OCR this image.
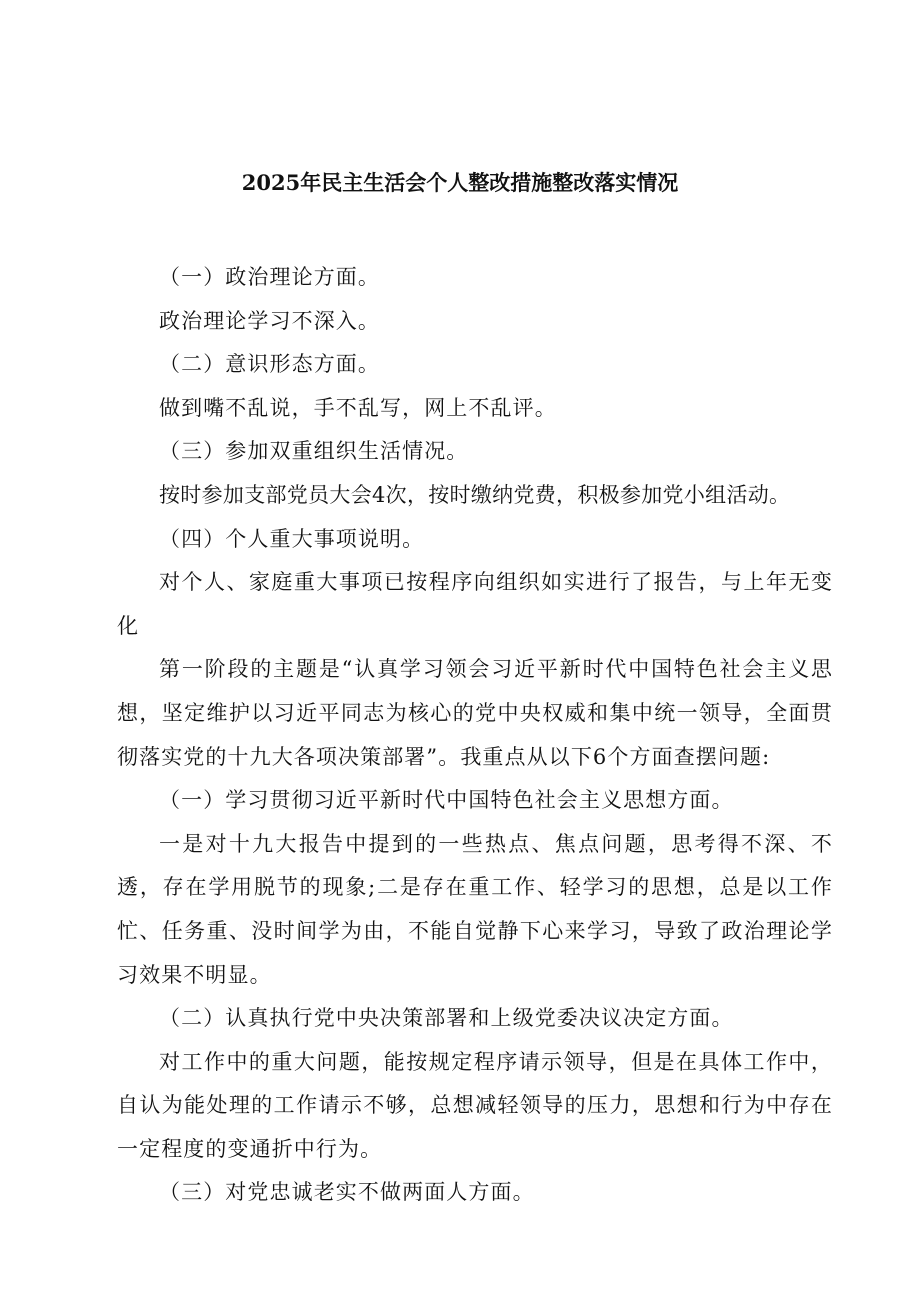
2025年民主生活会个人整改措施整改落实情况

（一）政治理论方面。

政治理论学习不深入。

（二）意识形态方面。

做到嘴不乱说，手不乱写，网上不乱评。

（三）参加双重组织生活情况。

按时参加支部党员大会4次，按时缴纳党费，积极参加党小组活动。

（四）个人重大事项说明。

对个人、家庭重大事项已按程序向组织如实进行了报告，与上年无变化

第一阶段的主题是“认真学习领会习近平新时代中国特色社会主义思想，坚定维护以习近平同志为核心的党中央权威和集中统一领导，全面贯彻落实党的十九大各项决策部署”。我重点从以下6个方面查摆问题:

（一）学习贯彻习近平新时代中国特色社会主义思想方面。

一是对十九大报告中提到的一些热点、焦点问题，思考得不深、不透，存在学用脱节的现象;二是存在重工作、轻学习的思想，总是以工作忙、任务重、没时间学为由，不能自觉静下心来学习，导致了政治理论学习效果不明显。

（二）认真执行党中央决策部署和上级党委决议决定方面。

对工作中的重大问题，能按规定程序请示领导，但是在具体工作中，自认为能处理的工作请示不够，总想减轻领导的压力，思想和行为中存在一定程度的变通折中行为。

（三）对党忠诚老实不做两面人方面。
